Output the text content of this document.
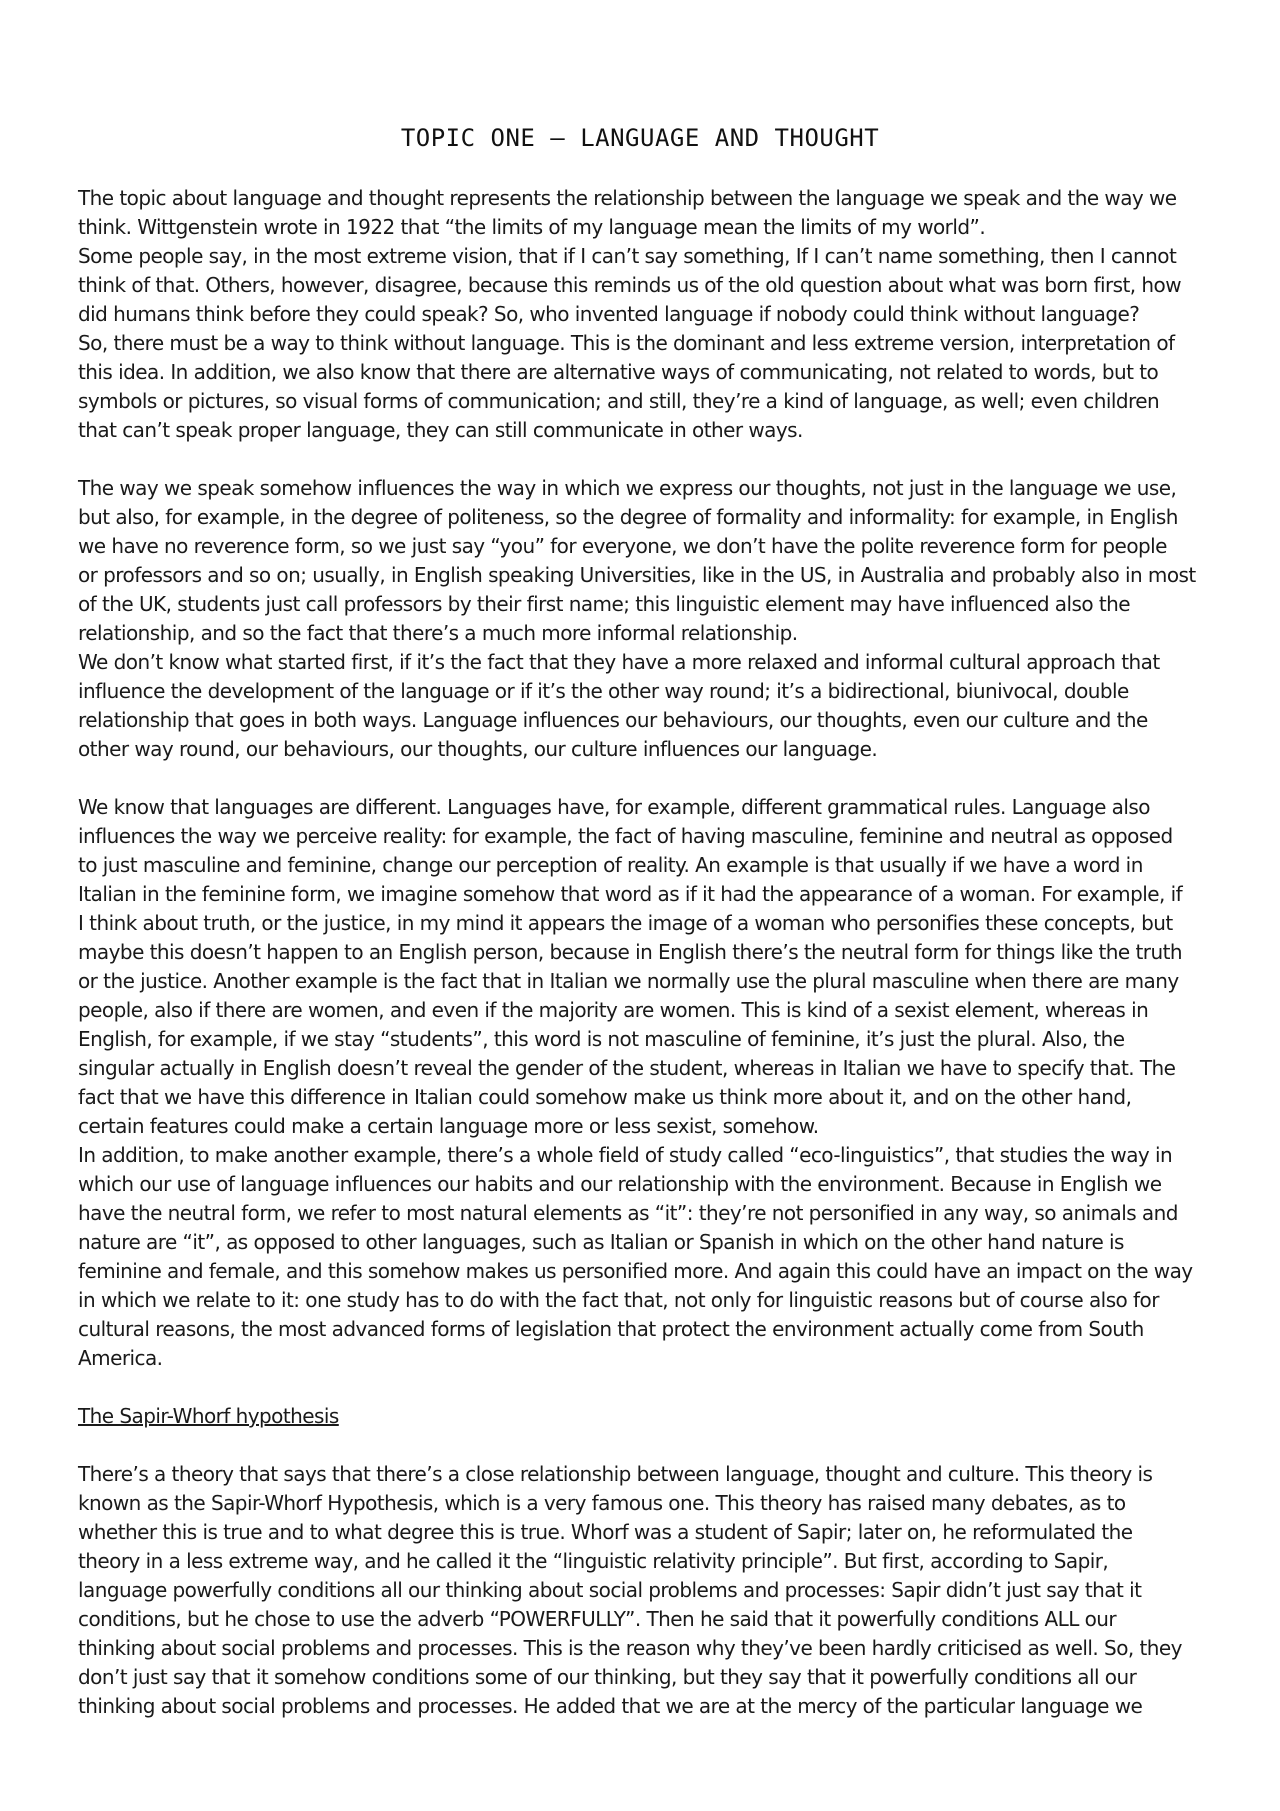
TOPIC ONE – LANGUAGE AND THOUGHT
The topic about language and thought represents the relationship between the language we speak and the way we
think. Wittgenstein wrote in 1922 that “the limits of my language mean the limits of my world”.
Some people say, in the most extreme vision, that if I can’t say something, If I can’t name something, then I cannot
think of that. Others, however, disagree, because this reminds us of the old question about what was born first, how
did humans think before they could speak? So, who invented language if nobody could think without language?
So, there must be a way to think without language. This is the dominant and less extreme version, interpretation of
this idea. In addition, we also know that there are alternative ways of communicating, not related to words, but to
symbols or pictures, so visual forms of communication; and still, they’re a kind of language, as well; even children
that can’t speak proper language, they can still communicate in other ways.
The way we speak somehow influences the way in which we express our thoughts, not just in the language we use,
but also, for example, in the degree of politeness, so the degree of formality and informality: for example, in English
we have no reverence form, so we just say “you” for everyone, we don’t have the polite reverence form for people
or professors and so on; usually, in English speaking Universities, like in the US, in Australia and probably also in most
of the UK, students just call professors by their first name; this linguistic element may have influenced also the
relationship, and so the fact that there’s a much more informal relationship.
We don’t know what started first, if it’s the fact that they have a more relaxed and informal cultural approach that
influence the development of the language or if it’s the other way round; it’s a bidirectional, biunivocal, double
relationship that goes in both ways. Language influences our behaviours, our thoughts, even our culture and the
other way round, our behaviours, our thoughts, our culture influences our language.
We know that languages are different. Languages have, for example, different grammatical rules. Language also
influences the way we perceive reality: for example, the fact of having masculine, feminine and neutral as opposed
to just masculine and feminine, change our perception of reality. An example is that usually if we have a word in
Italian in the feminine form, we imagine somehow that word as if it had the appearance of a woman. For example, if
I think about truth, or the justice, in my mind it appears the image of a woman who personifies these concepts, but
maybe this doesn’t happen to an English person, because in English there’s the neutral form for things like the truth
or the justice. Another example is the fact that in Italian we normally use the plural masculine when there are many
people, also if there are women, and even if the majority are women. This is kind of a sexist element, whereas in
English, for example, if we stay “students”, this word is not masculine of feminine, it’s just the plural. Also, the
singular actually in English doesn’t reveal the gender of the student, whereas in Italian we have to specify that. The
fact that we have this difference in Italian could somehow make us think more about it, and on the other hand,
certain features could make a certain language more or less sexist, somehow.
In addition, to make another example, there’s a whole field of study called “eco-linguistics”, that studies the way in
which our use of language influences our habits and our relationship with the environment. Because in English we
have the neutral form, we refer to most natural elements as “it”: they’re not personified in any way, so animals and
nature are “it”, as opposed to other languages, such as Italian or Spanish in which on the other hand nature is
feminine and female, and this somehow makes us personified more. And again this could have an impact on the way
in which we relate to it: one study has to do with the fact that, not only for linguistic reasons but of course also for
cultural reasons, the most advanced forms of legislation that protect the environment actually come from South
America.
The Sapir-Whorf hypothesis
There’s a theory that says that there’s a close relationship between language, thought and culture. This theory is
known as the Sapir-Whorf Hypothesis, which is a very famous one. This theory has raised many debates, as to
whether this is true and to what degree this is true. Whorf was a student of Sapir; later on, he reformulated the
theory in a less extreme way, and he called it the “linguistic relativity principle”. But first, according to Sapir,
language powerfully conditions all our thinking about social problems and processes: Sapir didn’t just say that it
conditions, but he chose to use the adverb “POWERFULLY”. Then he said that it powerfully conditions ALL our
thinking about social problems and processes. This is the reason why they’ve been hardly criticised as well. So, they
don’t just say that it somehow conditions some of our thinking, but they say that it powerfully conditions all our
thinking about social problems and processes. He added that we are at the mercy of the particular language we
